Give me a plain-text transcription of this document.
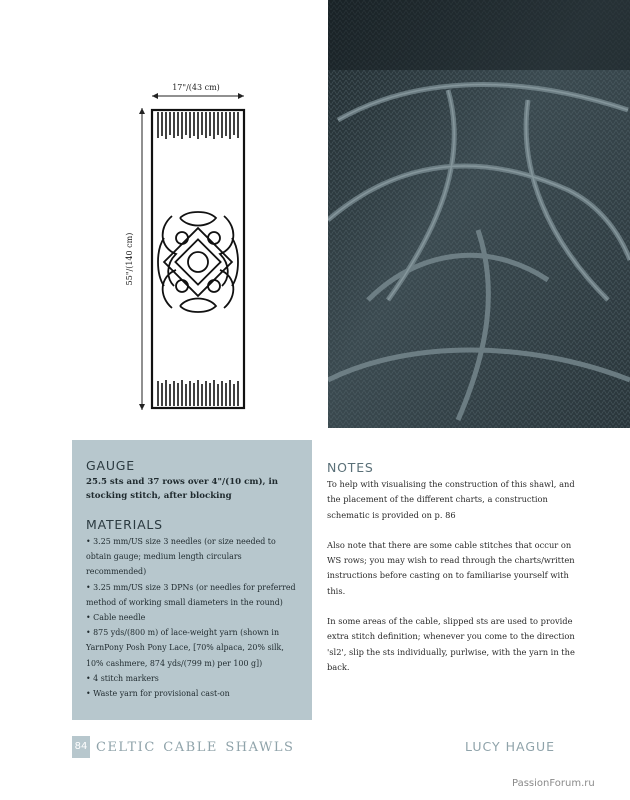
17"/(43 cm)
55"/(140 cm)
GAUGE

25.5 sts and 37 rows over 4"/(10 cm), in stocking stitch, after blocking

MATERIALS
• 3.25 mm/US size 3 needles (or size needed to
obtain gauge; medium length circulars
recommended)
• 3.25 mm/US size 3 DPNs (or needles for preferred
method of working small diameters in the round)
• Cable needle
• 875 yds/(800 m) of lace-weight yarn (shown in
YarnPony Posh Pony Lace, [70% alpaca, 20% silk,
10% cashmere, 874 yds/(799 m) per 100 g])
• 4 stitch markers
• Waste yarn for provisional cast-on
NOTES

To help with visualising the construction of this shawl, and the placement of the different charts, a construction schematic is provided on p. 86

Also note that there are some cable stitches that occur on WS rows; you may wish to read through the charts/written instructions before casting on to familiarise yourself with this.

In some areas of the cable, slipped sts are used to provide extra stitch definition; whenever you come to the direction 'sl2', slip the sts individually, purlwise, with the yarn in the back.

84 celtic cable shawls	LUCY HAGUE
PassionForum.ru
